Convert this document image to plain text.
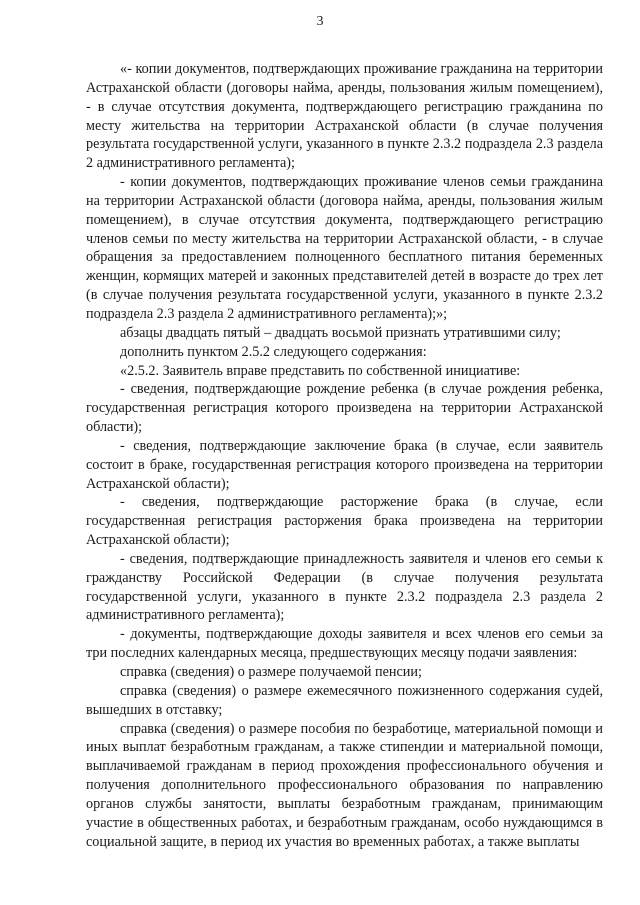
3

«- копии документов, подтверждающих проживание гражданина на территории Астраханской области (договоры найма, аренды, пользования жилым помещением), - в случае отсутствия документа, подтверждающего регистрацию гражданина по месту жительства на территории Астраханской области (в случае получения результата государственной услуги, указанного в пункте 2.3.2 подраздела 2.3 раздела 2 административного регламента);

- копии документов, подтверждающих проживание членов семьи гражданина на территории Астраханской области (договора найма, аренды, пользования жилым помещением), в случае отсутствия документа, подтверждающего регистрацию членов семьи по месту жительства на территории Астраханской области, - в случае обращения за предоставлением полноценного бесплатного питания беременных женщин, кормящих матерей и законных представителей детей в возрасте до трех лет (в случае получения результата государственной услуги, указанного в пункте 2.3.2 подраздела 2.3 раздела 2 административного регламента);»;

абзацы двадцать пятый – двадцать восьмой признать утратившими силу;

дополнить пунктом 2.5.2 следующего содержания:

«2.5.2. Заявитель вправе представить по собственной инициативе:

- сведения, подтверждающие рождение ребенка (в случае рождения ребенка, государственная регистрация которого произведена на территории Астраханской области);

- сведения, подтверждающие заключение брака (в случае, если заявитель состоит в браке, государственная регистрация которого произведена на территории Астраханской области);

- сведения, подтверждающие расторжение брака (в случае, если государственная регистрация расторжения брака произведена на территории Астраханской области);

- сведения, подтверждающие принадлежность заявителя и членов его семьи к гражданству Российской Федерации (в случае получения результата государственной услуги, указанного в пункте 2.3.2 подраздела 2.3 раздела 2 административного регламента);

- документы, подтверждающие доходы заявителя и всех членов его семьи за три последних календарных месяца, предшествующих месяцу подачи заявления:

справка (сведения) о размере получаемой пенсии;

справка (сведения) о размере ежемесячного пожизненного содержания судей, вышедших в отставку;

справка (сведения) о размере пособия по безработице, материальной помощи и иных выплат безработным гражданам, а также стипендии и материальной помощи, выплачиваемой гражданам в период прохождения профессионального обучения и получения дополнительного профессионального образования по направлению органов службы занятости, выплаты безработным гражданам, принимающим участие в общественных работах, и безработным гражданам, особо нуждающимся в социальной защите, в период их участия во временных работах, а также выплаты
